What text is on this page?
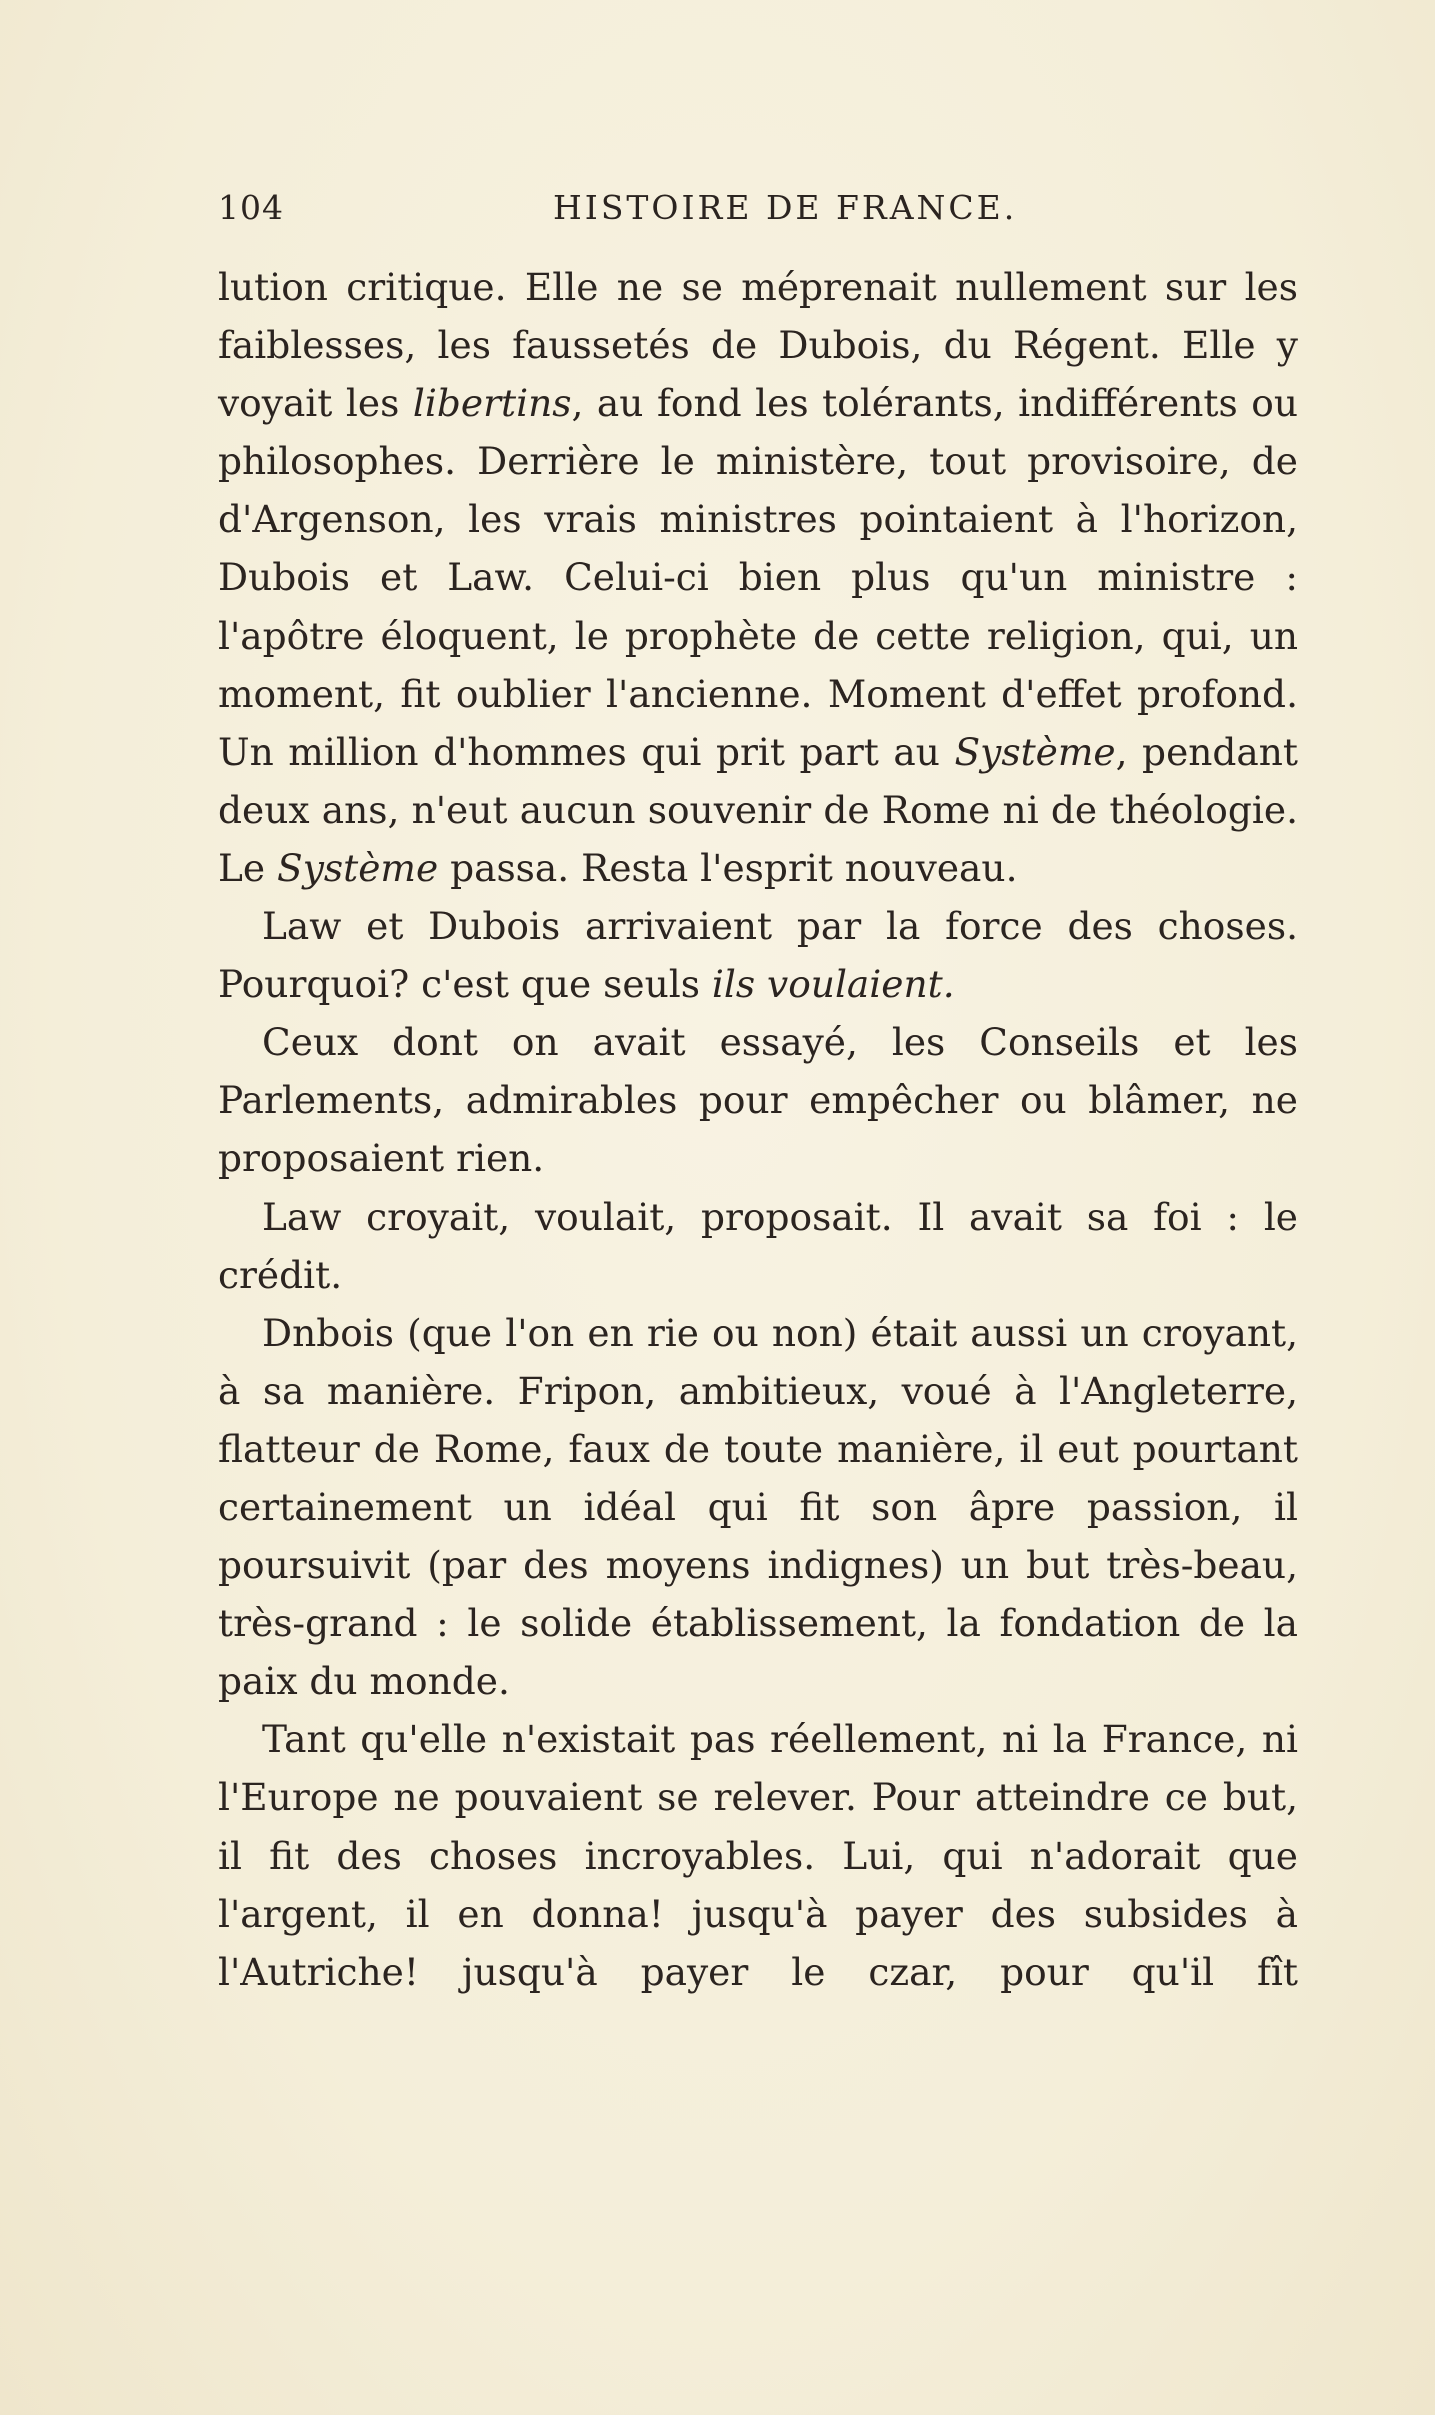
104	HISTOIRE DE FRANCE.

lution critique. Elle ne se méprenait nullement sur les faiblesses, les faussetés de Dubois, du Régent. Elle y voyait les libertins, au fond les tolérants, indifférents ou philosophes. Derrière le ministère, tout provisoire, de d'Argenson, les vrais ministres pointaient à l'horizon, Dubois et Law. Celui-ci bien plus qu'un ministre : l'apôtre éloquent, le prophète de cette religion, qui, un moment, fit oublier l'ancienne. Moment d'effet profond. Un million d'hommes qui prit part au Système, pendant deux ans, n'eut aucun souvenir de Rome ni de théologie. Le Système passa. Resta l'esprit nouveau.

Law et Dubois arrivaient par la force des choses. Pourquoi? c'est que seuls ils voulaient.

Ceux dont on avait essayé, les Conseils et les Parlements, admirables pour empêcher ou blâmer, ne proposaient rien.

Law croyait, voulait, proposait. Il avait sa foi : le crédit.

Dnbois (que l'on en rie ou non) était aussi un croyant, à sa manière. Fripon, ambitieux, voué à l'Angleterre, flatteur de Rome, faux de toute manière, il eut pourtant certainement un idéal qui fit son âpre passion, il poursuivit (par des moyens indignes) un but très-beau, très-grand : le solide établissement, la fondation de la paix du monde.

Tant qu'elle n'existait pas réellement, ni la France, ni l'Europe ne pouvaient se relever. Pour atteindre ce but, il fit des choses incroyables. Lui, qui n'adorait que l'argent, il en donna! jusqu'à payer des subsides à l'Autriche! jusqu'à payer le czar, pour qu'il fît
